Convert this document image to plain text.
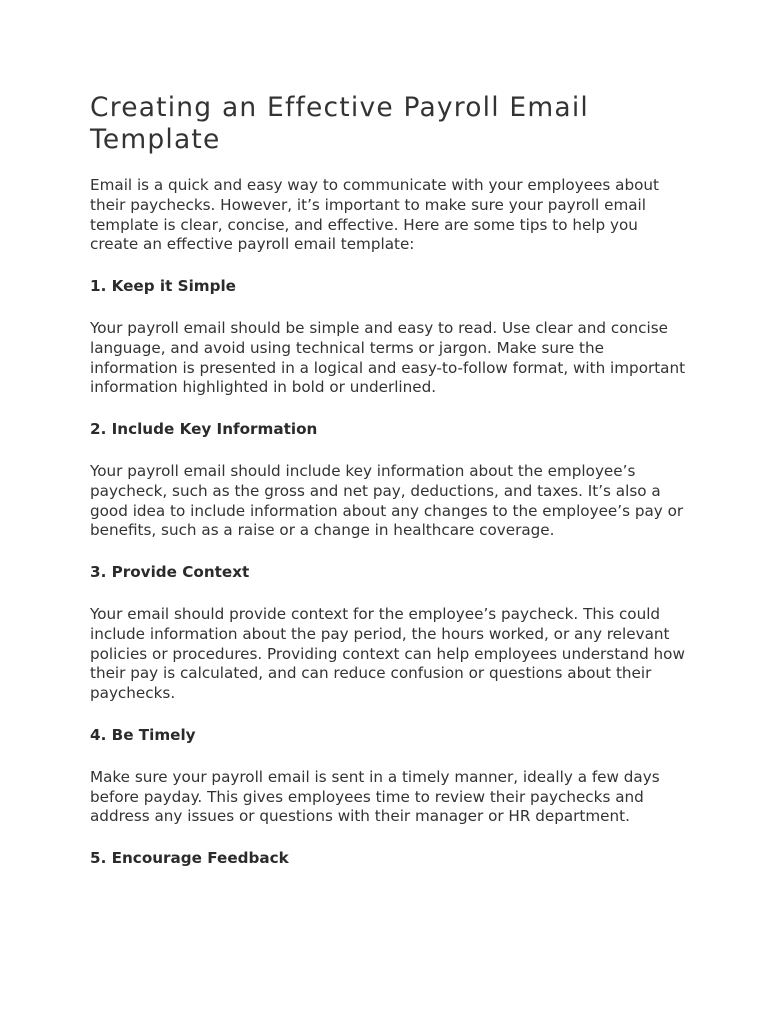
Creating an Effective Payroll Email Template

Email is a quick and easy way to communicate with your employees about their paychecks. However, it’s important to make sure your payroll email template is clear, concise, and effective. Here are some tips to help you create an effective payroll email template:

1. Keep it Simple

Your payroll email should be simple and easy to read. Use clear and concise language, and avoid using technical terms or jargon. Make sure the information is presented in a logical and easy-to-follow format, with important information highlighted in bold or underlined.

2. Include Key Information

Your payroll email should include key information about the employee’s paycheck, such as the gross and net pay, deductions, and taxes. It’s also a good idea to include information about any changes to the employee’s pay or benefits, such as a raise or a change in healthcare coverage.

3. Provide Context

Your email should provide context for the employee’s paycheck. This could include information about the pay period, the hours worked, or any relevant policies or procedures. Providing context can help employees understand how their pay is calculated, and can reduce confusion or questions about their paychecks.

4. Be Timely

Make sure your payroll email is sent in a timely manner, ideally a few days before payday. This gives employees time to review their paychecks and address any issues or questions with their manager or HR department.

5. Encourage Feedback
